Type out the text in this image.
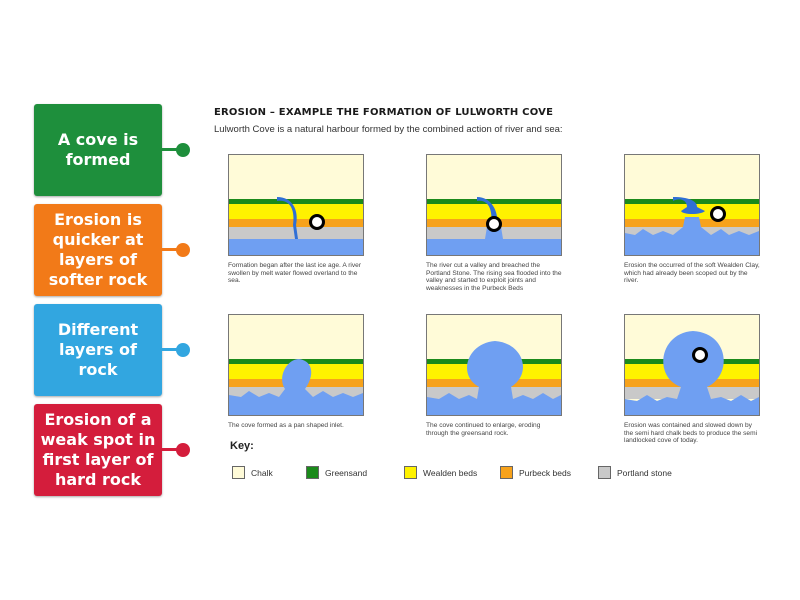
A cove is formed
Erosion is quicker at layers of softer rock
Different layers of rock
Erosion of a weak spot in first layer of hard rock
EROSION – EXAMPLE THE FORMATION OF LULWORTH COVE
Lulworth Cove is a natural harbour formed by the combined action of river and sea:
Formation began after the last ice age. A river swollen by melt water flowed overland to the sea.
The river cut a valley and breached the Portland Stone. The rising sea flooded into the valley and started to exploit joints and weaknesses in the Purbeck Beds
Erosion the occurred of the soft Wealden Clay, which had already been scoped out by the river.
The cove formed as a pan shaped inlet.	The cove continued to enlarge, eroding through the greensand rock.
Erosion was contained and slowed down by the semi hard chalk beds to produce the semi landlocked cove of today.
Key:
Chalk	Greensand	Wealden beds	Purbeck beds	Portland stone
